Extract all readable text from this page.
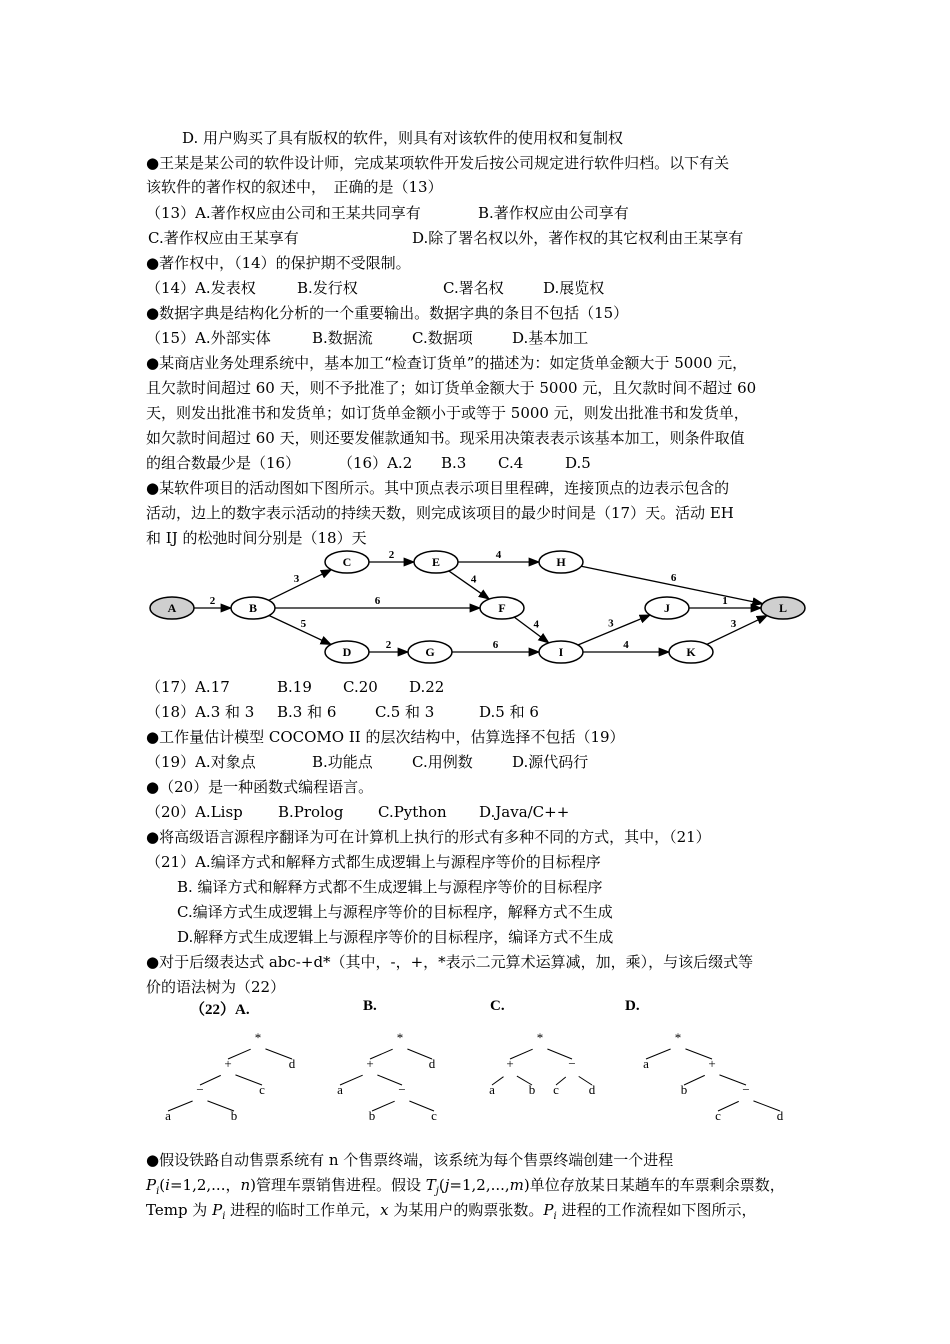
D. 用户购买了具有版权的软件，则具有对该软件的使用权和复制权
●王某是某公司的软件设计师，完成某项软件开发后按公司规定进行软件归档。以下有关
该软件的著作权的叙述中，　正确的是（13）
（13）A.著作权应由公司和王某共同享有	B.著作权应由公司享有
C.著作权应由王某享有	D.除了署名权以外，著作权的其它权利由王某享有
●著作权中，（14）的保护期不受限制。
（14）A.发表权	B.发行权	C.署名权	D.展览权
●数据字典是结构化分析的一个重要输出。数据字典的条目不包括（15）
（15）A.外部实体	B.数据流	C.数据项	D.基本加工
●某商店业务处理系统中，基本加工“检查订货单”的描述为：如定货单金额大于 5000 元，
且欠款时间超过 60 天，则不予批准了；如订货单金额大于 5000 元，且欠款时间不超过 60
天，则发出批准书和发货单；如订货单金额小于或等于 5000 元，则发出批准书和发货单，
如欠款时间超过 60 天，则还要发催款通知书。现采用决策表表示该基本加工，则条件取值
的组合数最少是（16）	（16）A.2 B.3 C.4	D.5
●某软件项目的活动图如下图所示。其中顶点表示项目里程碑，连接顶点的边表示包含的
活动，边上的数字表示活动的持续天数，则完成该项目的最少时间是（17）天。活动 EH
和 IJ 的松弛时间分别是（18）天
2
3
6
5
2	4
4
2	6
4
6
3
4
1
3
A	B
C
D
E
F
G
H
I
J
K
L
（17）A.17	B.19 C.20 D.22
（18）A.3 和 3 B.3 和 6	C.5 和 3	D.5 和 6
●工作量估计模型 COCOMO II 的层次结构中，估算选择不包括（19）
（19）A.对象点	B.功能点	C.用例数	D.源代码行
●（20）是一种函数式编程语言。
（20）A.Lisp B.Prolog C.Python D.Java/C++
●将高级语言源程序翻译为可在计算机上执行的形式有多种不同的方式，其中，（21）
（21）A.编译方式和解释方式都生成逻辑上与源程序等价的目标程序
B. 编译方式和解释方式都不生成逻辑上与源程序等价的目标程序
C.编译方式生成逻辑上与源程序等价的目标程序，解释方式不生成
D.解释方式生成逻辑上与源程序等价的目标程序，编译方式不生成
●对于后缀表达式 abc-+d*（其中，-，+，*表示二元算术运算减，加，乘），与该后缀式等
价的语法树为（22）
（22）A.	B.	C.	D.
*
+	d
−	c
a	b
*
+	d
a	−
b	c
*
+	−
a	b c d
*
a	+
b	−
c	d
●假设铁路自动售票系统有 n 个售票终端，该系统为每个售票终端创建一个进程
$P_i(i=1,2$,...，n)管理车票销售进程。假设 $T_j(j=1,2,...,m)$单位存放某日某趟车的车票剩余票数，
Temp 为 $P_i$ 进程的临时工作单元，x 为某用户的购票张数。$P_i$ 进程的工作流程如下图所示，
